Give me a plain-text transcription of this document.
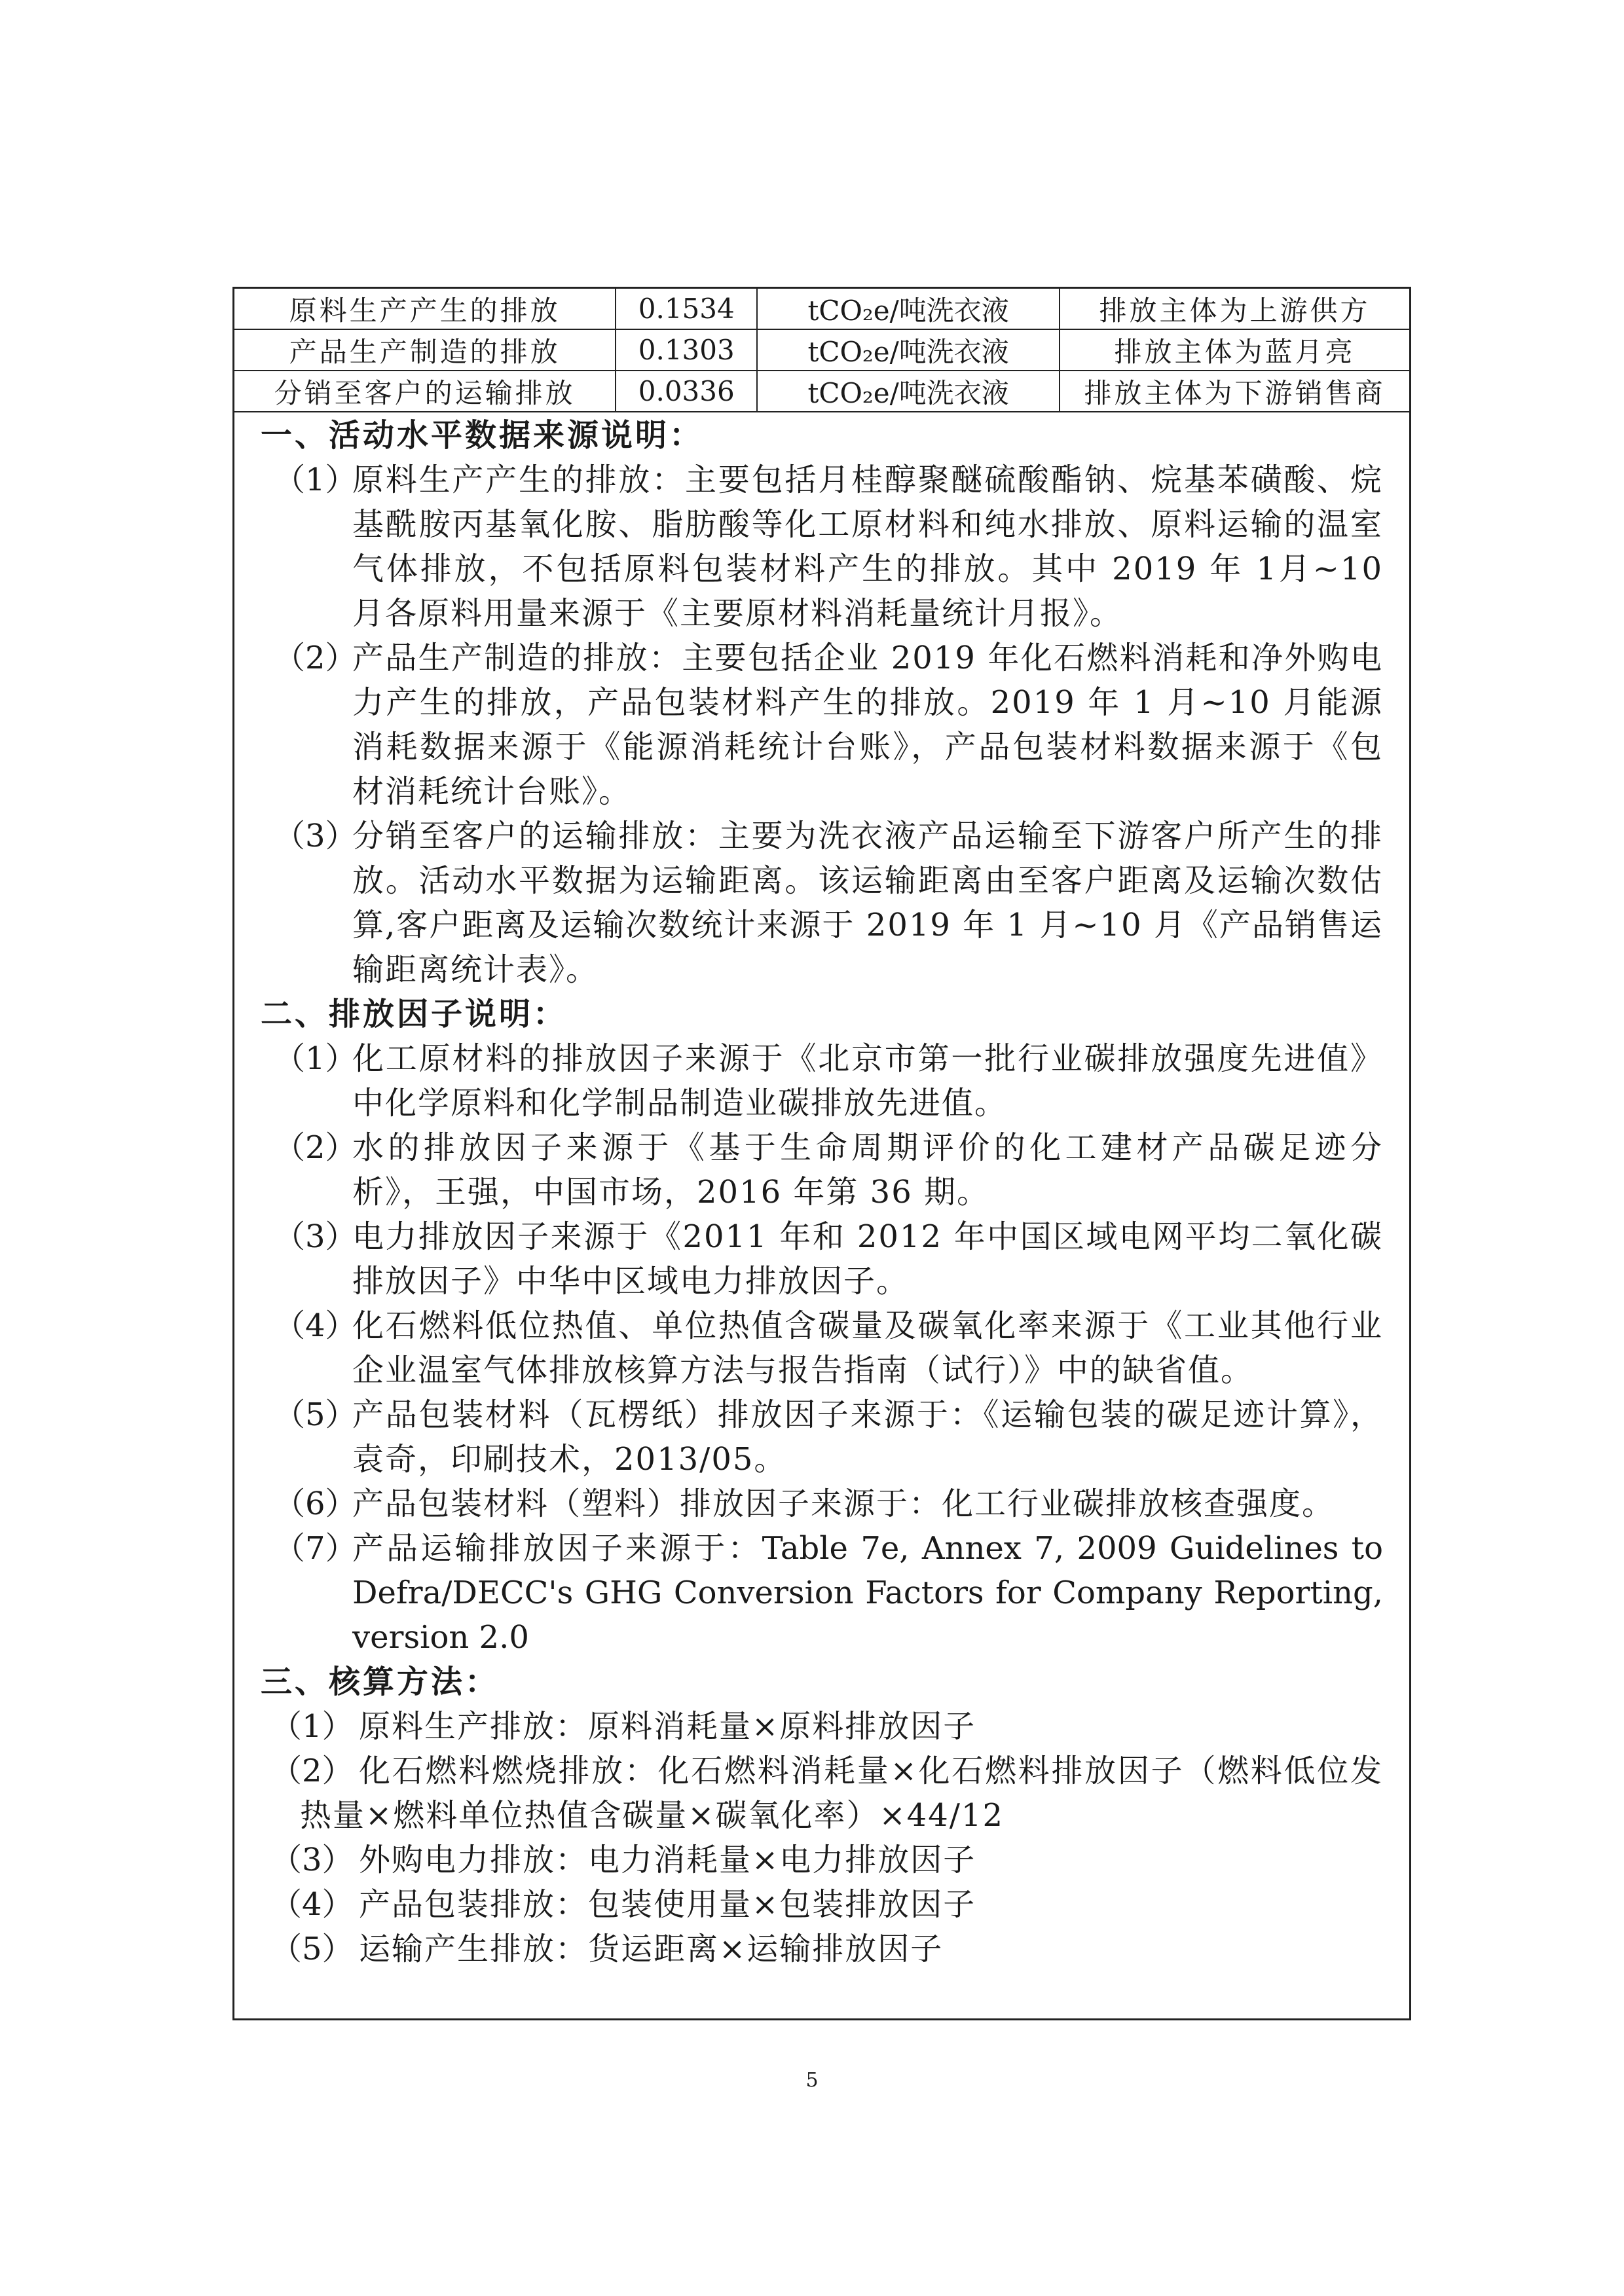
原料生产产生的排放	0.1534	tCO₂e/吨洗衣液	排放主体为上游供方
产品生产制造的排放	0.1303	tCO₂e/吨洗衣液	排放主体为蓝月亮
分销至客户的运输排放	0.0336	tCO₂e/吨洗衣液	排放主体为下游销售商
一、活动水平数据来源说明：
（1）
原料生产产生的排放：主要包括月桂醇聚醚硫酸酯钠、烷基苯磺酸、烷基酰胺丙基氧化胺、脂肪酸等化工原材料和纯水排放、原料运输的温室气体排放，不包括原料包装材料产生的排放。其中 2019 年 1月~10 月各原料用量来源于《主要原材料消耗量统计月报》。
（2）
产品生产制造的排放：主要包括企业 2019 年化石燃料消耗和净外购电力产生的排放，产品包装材料产生的排放。2019 年 1 月~10 月能源消耗数据来源于《能源消耗统计台账》，产品包装材料数据来源于《包材消耗统计台账》。
（3）
分销至客户的运输排放：主要为洗衣液产品运输至下游客户所产生的排放。活动水平数据为运输距离。该运输距离由至客户距离及运输次数估算,客户距离及运输次数统计来源于 2019 年 1 月~10 月《产品销售运输距离统计表》。
二、排放因子说明：
（1）
化工原材料的排放因子来源于《北京市第一批行业碳排放强度先进值》中化学原料和化学制品制造业碳排放先进值。
（2）
水的排放因子来源于《基于生命周期评价的化工建材产品碳足迹分析》，王强，中国市场，2016 年第 36 期。
（3）
电力排放因子来源于《2011 年和 2012 年中国区域电网平均二氧化碳排放因子》中华中区域电力排放因子。
（4）
化石燃料低位热值、单位热值含碳量及碳氧化率来源于《工业其他行业企业温室气体排放核算方法与报告指南（试行）》中的缺省值。
（5）
产品包装材料（瓦楞纸）排放因子来源于：《运输包装的碳足迹计算》，袁奇，印刷技术，2013/05。
（6）
产品包装材料（塑料）排放因子来源于：化工行业碳排放核查强度。
（7）
产品运输排放因子来源于：Table 7e, Annex 7, 2009 Guidelines to Defra/DECC's GHG Conversion Factors for Company Reporting, version 2.0
三、核算方法：
（1） 原料生产排放：原料消耗量×原料排放因子
（2） 化石燃料燃烧排放：化石燃料消耗量×化石燃料排放因子（燃料低位发热量×燃料单位热值含碳量×碳氧化率）×44/12
（3） 外购电力排放：电力消耗量×电力排放因子
（4） 产品包装排放：包装使用量×包装排放因子
（5） 运输产生排放：货运距离×运输排放因子
5
